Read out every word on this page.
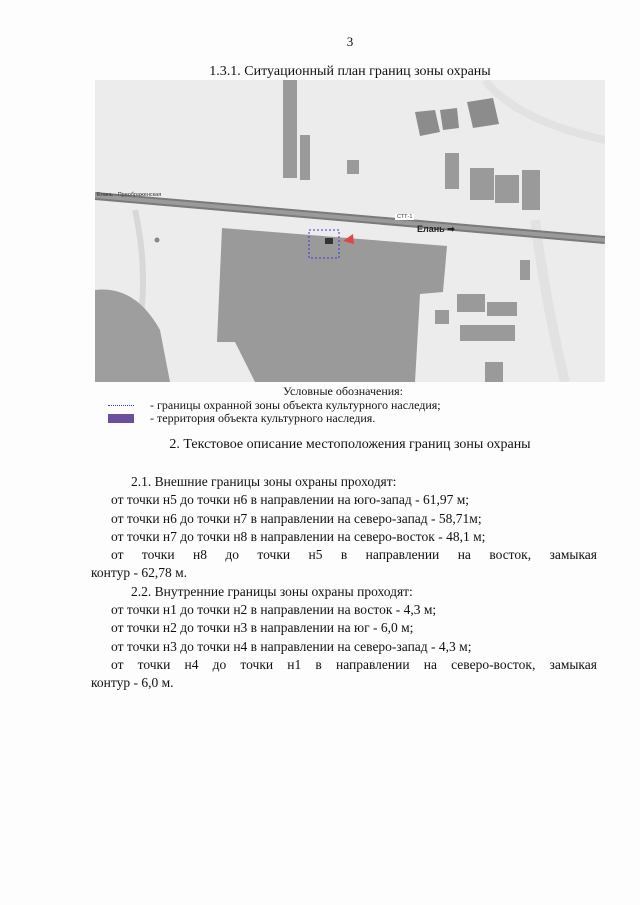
3
1.3.1. Ситуационный план границ зоны охраны
Елань - Преображенская
СТТ-1
Елань ➡
Условные обозначения:
- границы охранной зоны объекта культурного наследия;
- территория объекта культурного наследия.
2. Текстовое описание местоположения границ зоны охраны

2.1. Внешние границы зоны охраны проходят:

от точки н5 до точки н6 в направлении на юго-запад - 61,97 м;

от точки н6 до точки н7 в направлении на северо-запад - 58,71м;

от точки н7 до точки н8 в направлении на северо-восток - 48,1 м;

от точки н8 до точки н5 в направлении на восток, замыкая

контур - 62,78 м.

2.2. Внутренние границы зоны охраны проходят:

от точки н1 до точки н2 в направлении на восток - 4,3 м;

от точки н2 до точки н3 в направлении на юг - 6,0 м;

от точки н3 до точки н4 в направлении на северо-запад - 4,3 м;

от точки н4 до точки н1 в направлении на северо-восток, замыкая

контур - 6,0 м.
